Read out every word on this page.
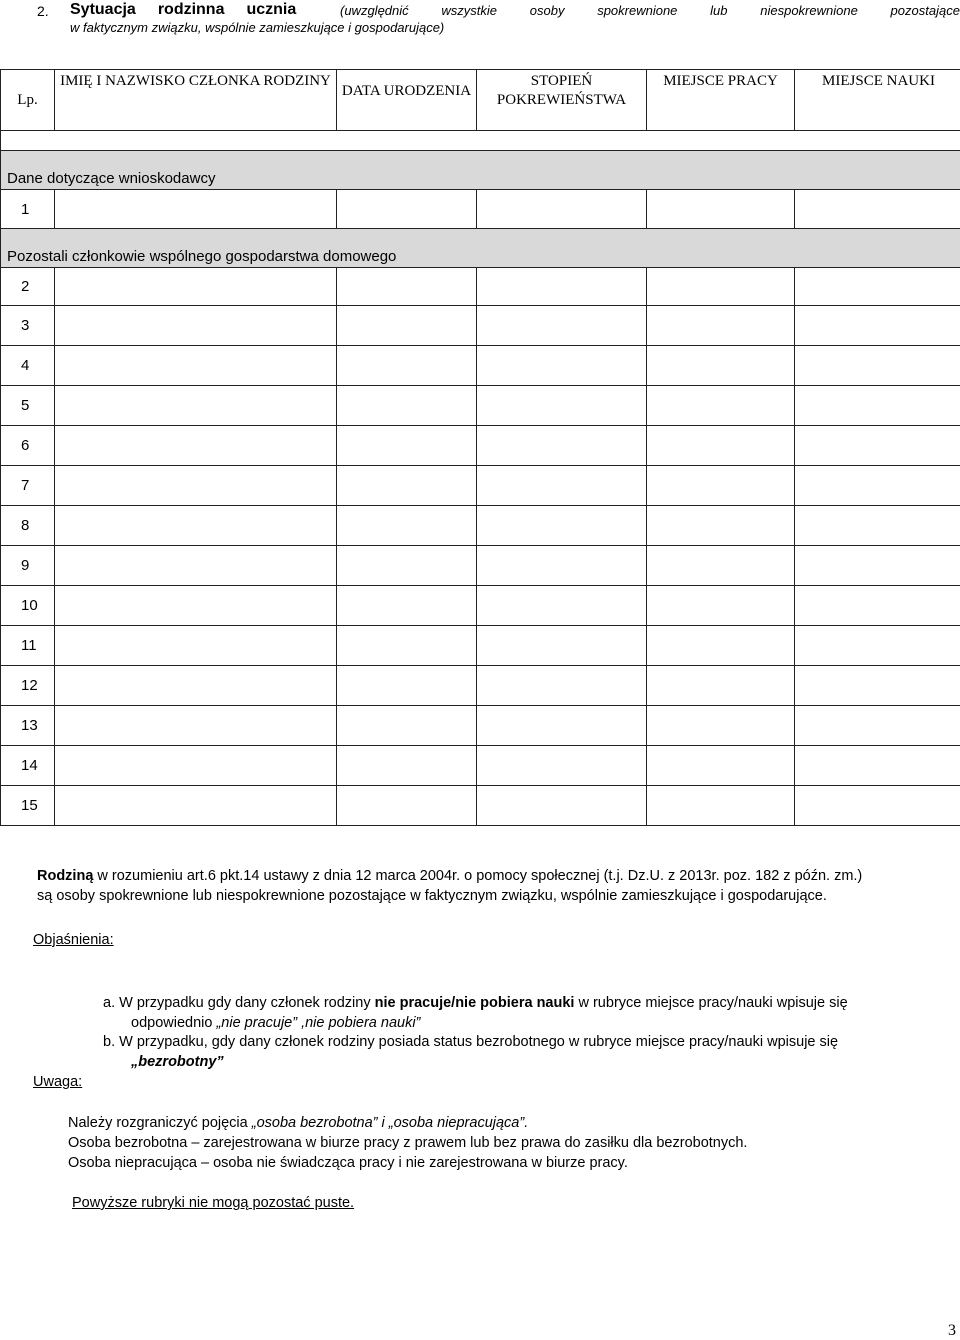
2. Sytuacja rodzinna ucznia	(uwzględnić	wszystkie	osoby	spokrewnione	lub	niespokrewnione	pozostające
w faktycznym związku, wspólnie zamieszkujące i gospodarujące)
Lp.	IMIĘ I NAZWISKO CZŁONKA RODZINY	DATA URODZENIA	STOPIEŃ POKREWIEŃSTWA	MIEJSCE PRACY	MIEJSCE NAUKI

Dane dotyczące wnioskodawcy					
1					
Pozostali członkowie wspólnego gospodarstwa domowego					
2					
3					
4					
5					
6					
7					
8					
9					
10					
11					
12					
13					
14					
15					
Rodziną w rozumieniu art.6 pkt.14 ustawy z dnia 12 marca 2004r. o pomocy społecznej (t.j. Dz.U. z 2013r. poz. 182 z późn. zm.)
są osoby spokrewnione lub niespokrewnione pozostające w faktycznym związku, wspólnie zamieszkujące i gospodarujące.
Objaśnienia:
a. W przypadku gdy dany członek rodziny nie pracuje/nie pobiera nauki w rubryce miejsce pracy/nauki wpisuje się
odpowiednio „nie pracuje” ,nie pobiera nauki”
b. W przypadku, gdy dany członek rodziny posiada status bezrobotnego w rubryce miejsce pracy/nauki wpisuje się
„bezrobotny”
Uwaga:
Należy rozgraniczyć pojęcia „osoba bezrobotna” i „osoba niepracująca”.
Osoba bezrobotna – zarejestrowana w biurze pracy z prawem lub bez prawa do zasiłku dla bezrobotnych.
Osoba niepracująca – osoba nie świadcząca pracy i nie zarejestrowana w biurze pracy.
Powyższe rubryki nie mogą pozostać puste.
3
